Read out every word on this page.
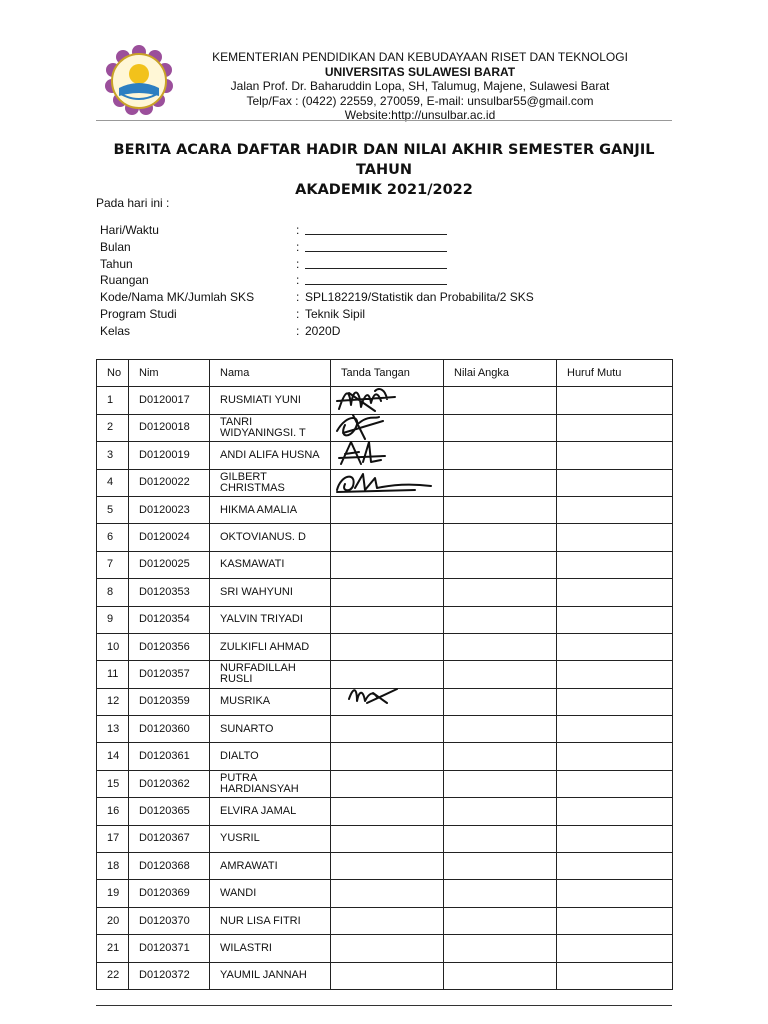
KEMENTERIAN PENDIDIKAN DAN KEBUDAYAAN RISET DAN TEKNOLOGI
UNIVERSITAS SULAWESI BARAT
Jalan Prof. Dr. Baharuddin Lopa, SH, Talumug, Majene, Sulawesi Barat
Telp/Fax : (0422) 22559, 270059, E-mail: unsulbar55@gmail.com Website:http://unsulbar.ac.id
BERITA ACARA DAFTAR HADIR DAN NILAI AKHIR SEMESTER GANJIL TAHUN
AKADEMIK 2021/2022
Pada hari ini :
Hari/Waktu	:
Bulan	:
Tahun	:
Ruangan	:
Kode/Nama MK/Jumlah SKS	: SPL182219/Statistik dan Probabilita/2 SKS
Program Studi	: Teknik Sipil
Kelas	: 2020D
No	Nim	Nama	Tanda Tangan	Nilai Angka	Huruf Mutu
1	D0120017	RUSMIATI YUNI	

2	D0120018	TANRI WIDYANINGSI. T	

3	D0120019	ANDI ALIFA HUSNA	

4	D0120022	GILBERT CHRISTMAS	

5	D0120023	HIKMA AMALIA			
6	D0120024	OKTOVIANUS. D			
7	D0120025	KASMAWATI			
8	D0120353	SRI WAHYUNI			
9	D0120354	YALVIN TRIYADI			
10	D0120356	ZULKIFLI AHMAD			
11	D0120357	NURFADILLAH RUSLI			
12	D0120359	MUSRIKA	

13	D0120360	SUNARTO			
14	D0120361	DIALTO			
15	D0120362	PUTRA HARDIANSYAH			
16	D0120365	ELVIRA JAMAL			
17	D0120367	YUSRIL			
18	D0120368	AMRAWATI			
19	D0120369	WANDI			
20	D0120370	NUR LISA FITRI			
21	D0120371	WILASTRI			
22	D0120372	YAUMIL JANNAH			
